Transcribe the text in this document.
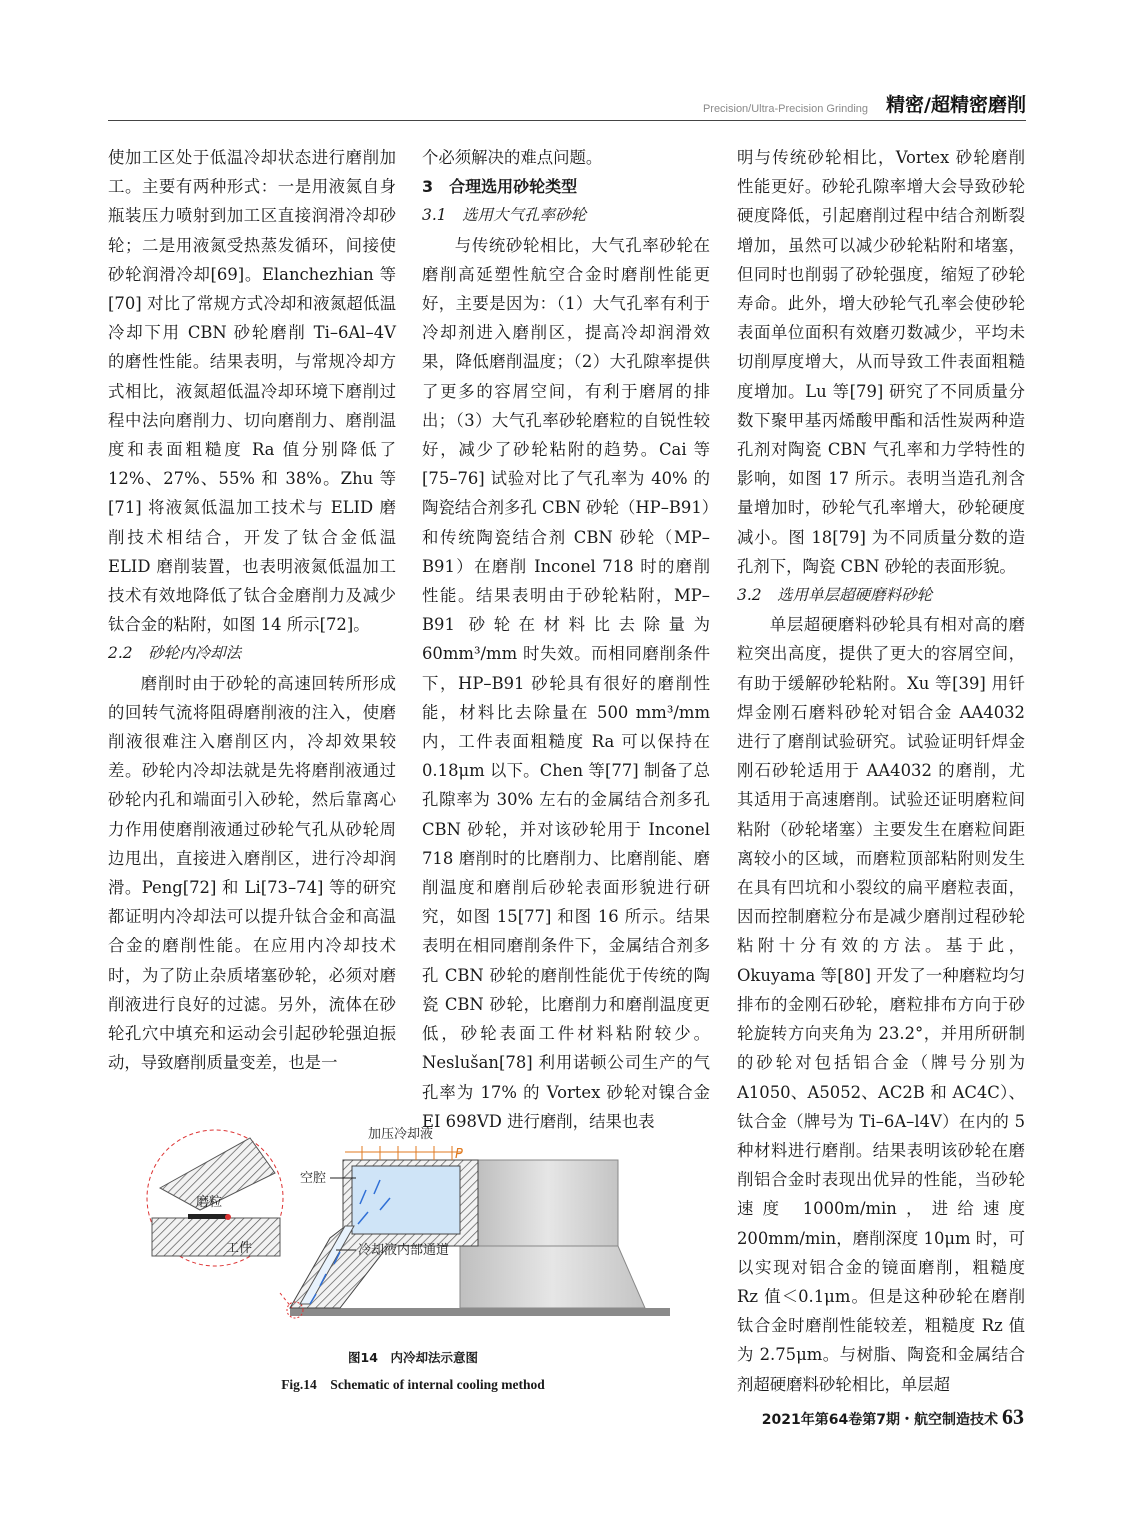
Precision/Ultra-Precision Grinding 精密/超精密磨削

使加工区处于低温冷却状态进行磨削加工。主要有两种形式：一是用液氮自身瓶装压力喷射到加工区直接润滑冷却砂轮；二是用液氮受热蒸发循环，间接使砂轮润滑冷却[69]。Elanchezhian 等[70] 对比了常规方式冷却和液氮超低温冷却下用 CBN 砂轮磨削 Ti–6Al–4V 的磨性性能。结果表明，与常规冷却方式相比，液氮超低温冷却环境下磨削过程中法向磨削力、切向磨削力、磨削温度和表面粗糙度 Ra 值分别降低了 12%、27%、55% 和 38%。Zhu 等[71] 将液氮低温加工技术与 ELID 磨削技术相结合，开发了钛合金低温 ELID 磨削装置，也表明液氮低温加工技术有效地降低了钛合金磨削力及减少钛合金的粘附，如图 14 所示[72]。

2.2　砂轮内冷却法

磨削时由于砂轮的高速回转所形成的回转气流将阻碍磨削液的注入，使磨削液很难注入磨削区内，冷却效果较差。砂轮内冷却法就是先将磨削液通过砂轮内孔和端面引入砂轮，然后靠离心力作用使磨削液通过砂轮气孔从砂轮周边甩出，直接进入磨削区，进行冷却润滑。Peng[72] 和 Li[73–74] 等的研究都证明内冷却法可以提升钛合金和高温合金的磨削性能。在应用内冷却技术时，为了防止杂质堵塞砂轮，必须对磨削液进行良好的过滤。另外，流体在砂轮孔穴中填充和运动会引起砂轮强迫振动，导致磨削质量变差，也是一

个必须解决的难点问题。

3　合理选用砂轮类型

3.1　选用大气孔率砂轮

与传统砂轮相比，大气孔率砂轮在磨削高延塑性航空合金时磨削性能更好，主要是因为：（1）大气孔率有利于冷却剂进入磨削区，提高冷却润滑效果，降低磨削温度；（2）大孔隙率提供了更多的容屑空间，有利于磨屑的排出；（3）大气孔率砂轮磨粒的自锐性较好，减少了砂轮粘附的趋势。Cai 等[75–76] 试验对比了气孔率为 40% 的陶瓷结合剂多孔 CBN 砂轮（HP–B91）和传统陶瓷结合剂 CBN 砂轮（MP–B91）在磨削 Inconel 718 时的磨削性能。结果表明由于砂轮粘附，MP–B91 砂轮在材料比去除量为 60mm³/mm 时失效。而相同磨削条件下，HP–B91 砂轮具有很好的磨削性能，材料比去除量在 500 mm³/mm 内，工件表面粗糙度 Ra 可以保持在 0.18μm 以下。Chen 等[77] 制备了总孔隙率为 30% 左右的金属结合剂多孔 CBN 砂轮，并对该砂轮用于 Inconel 718 磨削时的比磨削力、比磨削能、磨削温度和磨削后砂轮表面形貌进行研究，如图 15[77] 和图 16 所示。结果表明在相同磨削条件下，金属结合剂多孔 CBN 砂轮的磨削性能优于传统的陶瓷 CBN 砂轮，比磨削力和磨削温度更低，砂轮表面工件材料粘附较少。Neslušan[78] 利用诺顿公司生产的气孔率为 17% 的 Vortex 砂轮对镍合金 EI 698VD 进行磨削，结果也表

明与传统砂轮相比，Vortex 砂轮磨削性能更好。砂轮孔隙率增大会导致砂轮硬度降低，引起磨削过程中结合剂断裂增加，虽然可以减少砂轮粘附和堵塞，但同时也削弱了砂轮强度，缩短了砂轮寿命。此外，增大砂轮气孔率会使砂轮表面单位面积有效磨刃数减少，平均未切削厚度增大，从而导致工件表面粗糙度增加。Lu 等[79] 研究了不同质量分数下聚甲基丙烯酸甲酯和活性炭两种造孔剂对陶瓷 CBN 气孔率和力学特性的影响，如图 17 所示。表明当造孔剂含量增加时，砂轮气孔率增大，砂轮硬度减小。图 18[79] 为不同质量分数的造孔剂下，陶瓷 CBN 砂轮的表面形貌。

3.2　选用单层超硬磨料砂轮

单层超硬磨料砂轮具有相对高的磨粒突出高度，提供了更大的容屑空间，有助于缓解砂轮粘附。Xu 等[39] 用钎焊金刚石磨料砂轮对铝合金 AA4032 进行了磨削试验研究。试验证明钎焊金刚石砂轮适用于 AA4032 的磨削，尤其适用于高速磨削。试验还证明磨粒间粘附（砂轮堵塞）主要发生在磨粒间距离较小的区域，而磨粒顶部粘附则发生在具有凹坑和小裂纹的扁平磨粒表面，因而控制磨粒分布是减少磨削过程砂轮粘附十分有效的方法。基于此，Okuyama 等[80] 开发了一种磨粒均匀排布的金刚石砂轮，磨粒排布方向于砂轮旋转方向夹角为 23.2°，并用所研制的砂轮对包括铝合金（牌号分别为 A1050、A5052、AC2B 和 AC4C）、钛合金（牌号为 Ti–6A–l4V）在内的 5 种材料进行磨削。结果表明该砂轮在磨削铝合金时表现出优异的性能，当砂轮速度 1000m/min，进给速度 200mm/min，磨削深度 10μm 时，可以实现对铝合金的镜面磨削，粗糙度 Rz 值＜0.1μm。但是这种砂轮在磨削钛合金时磨削性能较差，粗糙度 Rz 值为 2.75μm。与树脂、陶瓷和金属结合剂超硬磨料砂轮相比，单层超

加压冷却液
P
空腔
磨粒
工件	冷却液内部通道
图14　内冷却法示意图
Fig.14　Schematic of internal cooling method
2021年第64卷第7期・航空制造技术 63
